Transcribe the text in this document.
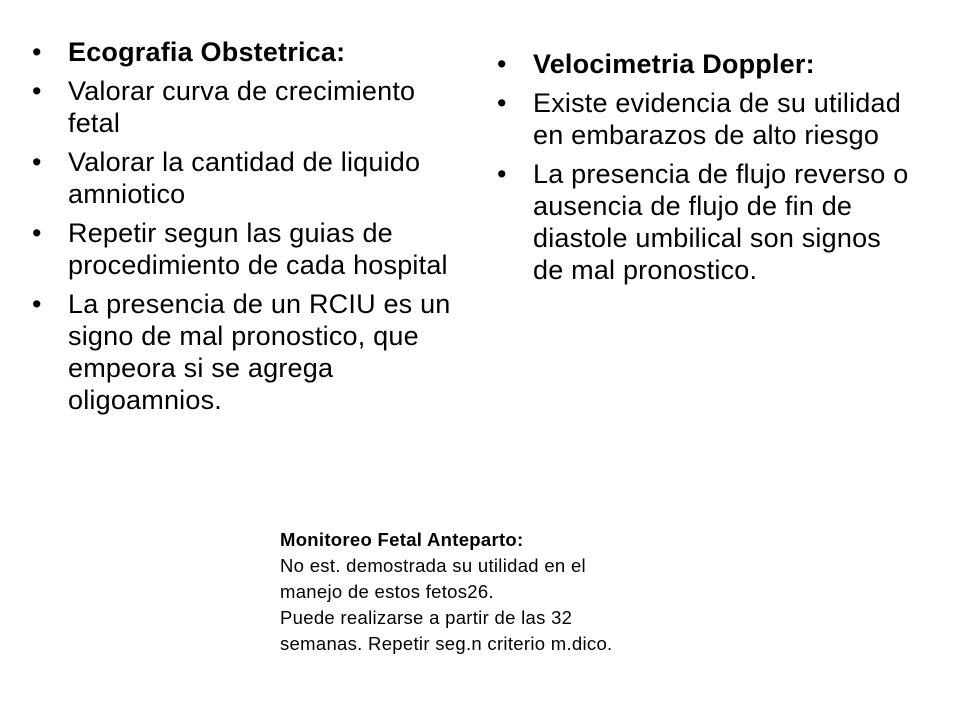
• Ecografia Obstetrica:
• Valorar curva de crecimiento fetal
• Valorar la cantidad de liquido amniotico
• Repetir segun las guias de procedimiento de cada hospital
• La presencia de un RCIU es un signo de mal pronostico, que empeora si se agrega oligoamnios.
• Velocimetria Doppler:
• Existe evidencia de su utilidad en embarazos de alto riesgo
• La presencia de flujo reverso o ausencia de flujo de fin de diastole umbilical son signos de mal pronostico.
Monitoreo Fetal Anteparto:
No est. demostrada su utilidad en el
manejo de estos fetos26.
Puede realizarse a partir de las 32
semanas. Repetir seg.n criterio m.dico.
